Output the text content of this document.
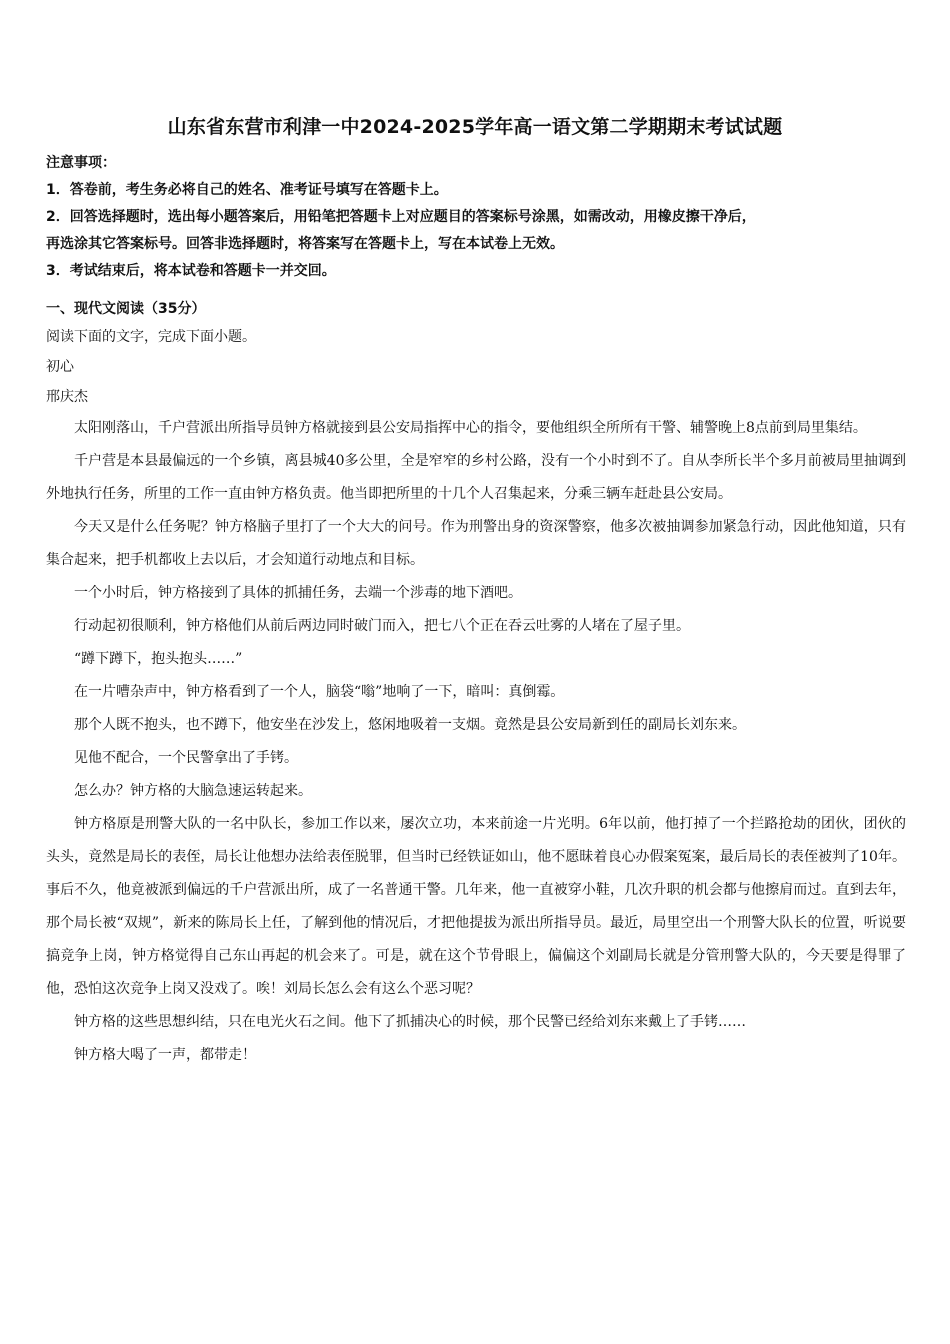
山东省东营市利津一中2024-2025学年高一语文第二学期期末考试试题
注意事项：
1．答卷前，考生务必将自己的姓名、准考证号填写在答题卡上。
2．回答选择题时，选出每小题答案后，用铅笔把答题卡上对应题目的答案标号涂黑，如需改动，用橡皮擦干净后，
再选涂其它答案标号。回答非选择题时，将答案写在答题卡上，写在本试卷上无效。
3．考试结束后，将本试卷和答题卡一并交回。
一、现代文阅读（35分）
阅读下面的文字，完成下面小题。
初心
邢庆杰

太阳刚落山，千户营派出所指导员钟方格就接到县公安局指挥中心的指令，要他组织全所所有干警、辅警晚上8点前到局里集结。

千户营是本县最偏远的一个乡镇，离县城40多公里，全是窄窄的乡村公路，没有一个小时到不了。自从李所长半个多月前被局里抽调到外地执行任务，所里的工作一直由钟方格负责。他当即把所里的十几个人召集起来，分乘三辆车赶赴县公安局。

今天又是什么任务呢？钟方格脑子里打了一个大大的问号。作为刑警出身的资深警察，他多次被抽调参加紧急行动，因此他知道，只有集合起来，把手机都收上去以后，才会知道行动地点和目标。

一个小时后，钟方格接到了具体的抓捕任务，去端一个涉毒的地下酒吧。

行动起初很顺利，钟方格他们从前后两边同时破门而入，把七八个正在吞云吐雾的人堵在了屋子里。

“蹲下蹲下，抱头抱头……”

在一片嘈杂声中，钟方格看到了一个人，脑袋“嗡”地响了一下，暗叫：真倒霉。

那个人既不抱头，也不蹲下，他安坐在沙发上，悠闲地吸着一支烟。竟然是县公安局新到任的副局长刘东来。

见他不配合，一个民警拿出了手铐。

怎么办？钟方格的大脑急速运转起来。

钟方格原是刑警大队的一名中队长，参加工作以来，屡次立功，本来前途一片光明。6年以前，他打掉了一个拦路抢劫的团伙，团伙的头头，竟然是局长的表侄，局长让他想办法给表侄脱罪，但当时已经铁证如山，他不愿昧着良心办假案冤案，最后局长的表侄被判了10年。事后不久，他竟被派到偏远的千户营派出所，成了一名普通干警。几年来，他一直被穿小鞋，几次升职的机会都与他擦肩而过。直到去年，那个局长被“双规”，新来的陈局长上任，了解到他的情况后，才把他提拔为派出所指导员。最近，局里空出一个刑警大队长的位置，听说要搞竞争上岗，钟方格觉得自己东山再起的机会来了。可是，就在这个节骨眼上，偏偏这个刘副局长就是分管刑警大队的，今天要是得罪了他，恐怕这次竞争上岗又没戏了。唉！刘局长怎么会有这么个恶习呢？

钟方格的这些思想纠结，只在电光火石之间。他下了抓捕决心的时候，那个民警已经给刘东来戴上了手铐……

钟方格大喝了一声，都带走！
